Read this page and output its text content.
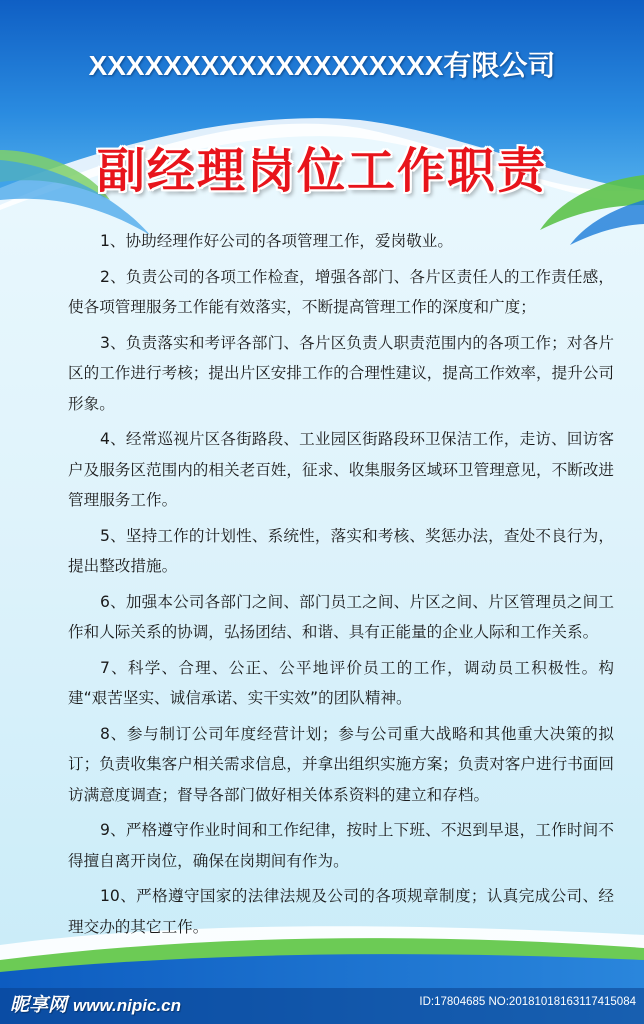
XXXXXXXXXXXXXXXXXXX有限公司
副经理岗位工作职责
1、协助经理作好公司的各项管理工作，爱岗敬业。
2、负责公司的各项工作检查，增强各部门、各片区责任人的工作责任感，使各项管理服务工作能有效落实，不断提高管理工作的深度和广度；
3、负责落实和考评各部门、各片区负责人职责范围内的各项工作；对各片区的工作进行考核；提出片区安排工作的合理性建议，提高工作效率，提升公司形象。
4、经常巡视片区各街路段、工业园区街路段环卫保洁工作，走访、回访客户及服务区范围内的相关老百姓，征求、收集服务区域环卫管理意见，不断改进管理服务工作。
5、坚持工作的计划性、系统性，落实和考核、奖惩办法，查处不良行为，提出整改措施。
6、加强本公司各部门之间、部门员工之间、片区之间、片区管理员之间工作和人际关系的协调，弘扬团结、和谐、具有正能量的企业人际和工作关系。
7、科学、合理、公正、公平地评价员工的工作，调动员工积极性。构建“艰苦坚实、诚信承诺、实干实效”的团队精神。
8、参与制订公司年度经营计划；参与公司重大战略和其他重大决策的拟订；负责收集客户相关需求信息，并拿出组织实施方案；负责对客户进行书面回访满意度调查；督导各部门做好相关体系资料的建立和存档。
9、严格遵守作业时间和工作纪律，按时上下班、不迟到早退，工作时间不得擅自离开岗位，确保在岗期间有作为。
10、严格遵守国家的法律法规及公司的各项规章制度；认真完成公司、经理交办的其它工作。
昵享网 www.nipic.cn	ID:17804685 NO:20181018163117415084
